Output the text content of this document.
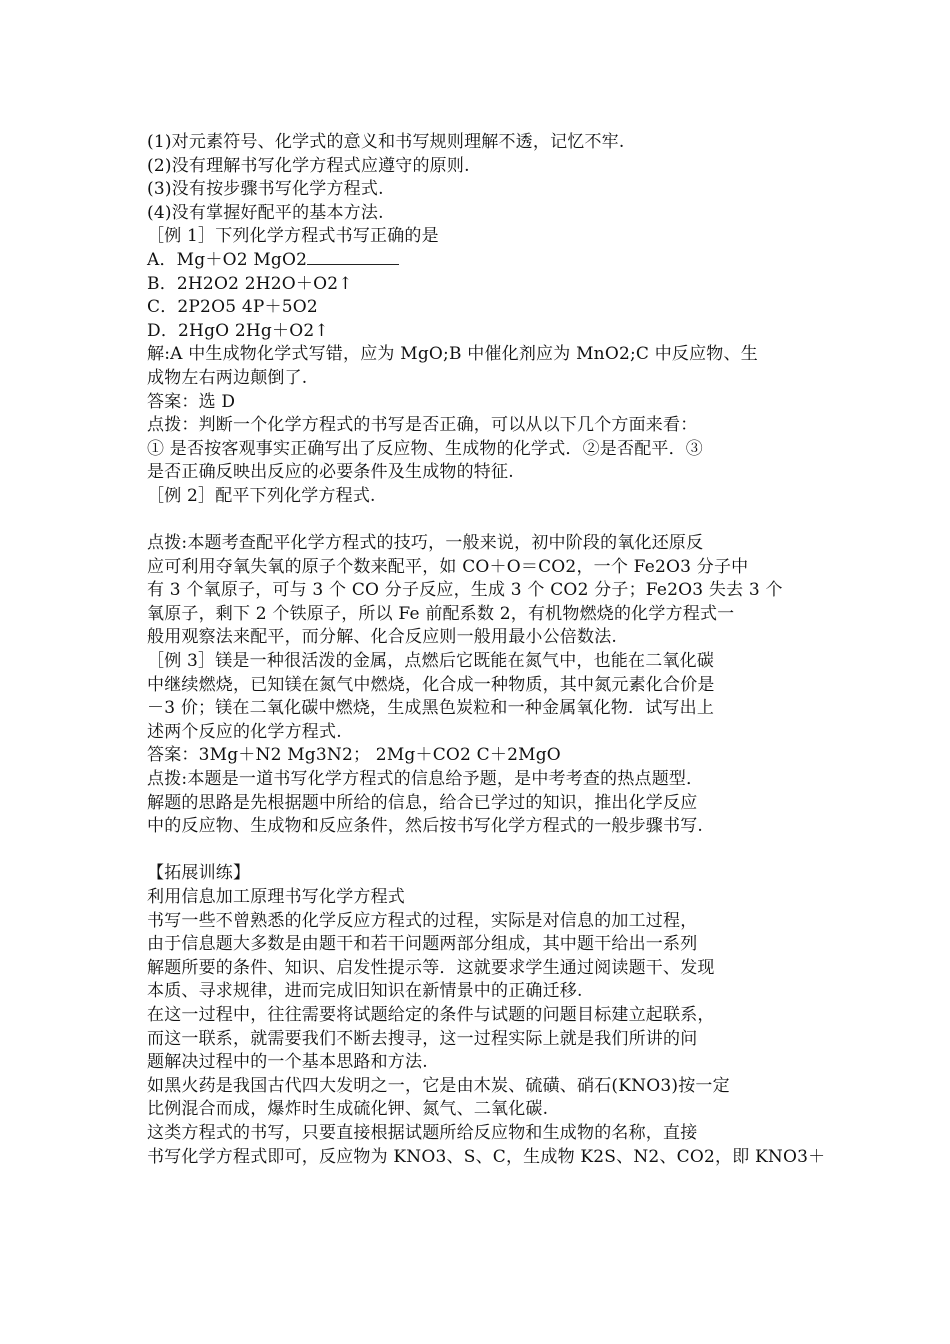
(1)对元素符号、化学式的意义和书写规则理解不透，记忆不牢.
(2)没有理解书写化学方程式应遵守的原则.
(3)没有按步骤书写化学方程式.
(4)没有掌握好配平的基本方法.
［例 1］下列化学方程式书写正确的是
A．Mg＋O2 MgO2
B．2H2O2 2H2O＋O2↑
C．2P2O5 4P＋5O2
D．2HgO 2Hg＋O2↑
解:A 中生成物化学式写错，应为 MgO;B 中催化剂应为 MnO2;C 中反应物、生
成物左右两边颠倒了.
答案：选 D
点拨：判断一个化学方程式的书写是否正确，可以从以下几个方面来看：
① 是否按客观事实正确写出了反应物、生成物的化学式．②是否配平．③
是否正确反映出反应的必要条件及生成物的特征.
［例 2］配平下列化学方程式.
点拨:本题考查配平化学方程式的技巧，一般来说，初中阶段的氧化还原反
应可利用夺氧失氧的原子个数来配平，如 CO＋O＝CO2，一个 Fe2O3 分子中
有 3 个氧原子，可与 3 个 CO 分子反应，生成 3 个 CO2 分子；Fe2O3 失去 3 个
氧原子，剩下 2 个铁原子，所以 Fe 前配系数 2，有机物燃烧的化学方程式一
般用观察法来配平，而分解、化合反应则一般用最小公倍数法.
［例 3］镁是一种很活泼的金属，点燃后它既能在氮气中，也能在二氧化碳
中继续燃烧，已知镁在氮气中燃烧，化合成一种物质，其中氮元素化合价是
－3 价；镁在二氧化碳中燃烧，生成黑色炭粒和一种金属氧化物．试写出上
述两个反应的化学方程式.
答案：3Mg＋N2 Mg3N2； 2Mg＋CO2 C＋2MgO
点拨:本题是一道书写化学方程式的信息给予题，是中考考查的热点题型．
解题的思路是先根据题中所给的信息，给合已学过的知识，推出化学反应
中的反应物、生成物和反应条件，然后按书写化学方程式的一般步骤书写.
【拓展训练】
利用信息加工原理书写化学方程式
书写一些不曾熟悉的化学反应方程式的过程，实际是对信息的加工过程，
由于信息题大多数是由题干和若干问题两部分组成，其中题干给出一系列
解题所要的条件、知识、启发性提示等．这就要求学生通过阅读题干、发现
本质、寻求规律，进而完成旧知识在新情景中的正确迁移.
在这一过程中，往往需要将试题给定的条件与试题的问题目标建立起联系，
而这一联系，就需要我们不断去搜寻，这一过程实际上就是我们所讲的问
题解决过程中的一个基本思路和方法.
如黑火药是我国古代四大发明之一，它是由木炭、硫磺、硝石(KNO3)按一定
比例混合而成，爆炸时生成硫化钾、氮气、二氧化碳.
这类方程式的书写，只要直接根据试题所给反应物和生成物的名称，直接
书写化学方程式即可，反应物为 KNO3、S、C，生成物 K2S、N2、CO2，即 KNO3＋
